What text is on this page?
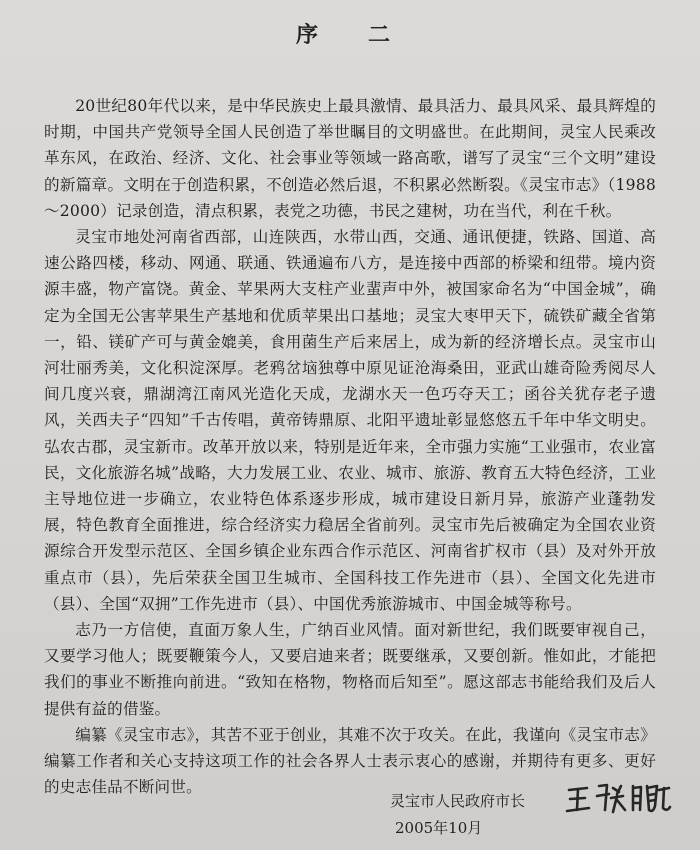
序　二

20世纪80年代以来，是中华民族史上最具激情、最具活力、最具风采、最具辉煌的时期，中国共产党领导全国人民创造了举世瞩目的文明盛世。在此期间，灵宝人民乘改革东风，在政治、经济、文化、社会事业等领域一路高歌，谱写了灵宝“三个文明”建设的新篇章。文明在于创造积累，不创造必然后退，不积累必然断裂。《灵宝市志》（1988～2000）记录创造，清点积累，表党之功德，书民之建树，功在当代，利在千秋。

灵宝市地处河南省西部，山连陕西，水带山西，交通、通讯便捷，铁路、国道、高速公路四楼，移动、网通、联通、铁通遍布八方，是连接中西部的桥梁和纽带。境内资源丰盛，物产富饶。黄金、苹果两大支柱产业蜚声中外，被国家命名为“中国金城”，确定为全国无公害苹果生产基地和优质苹果出口基地；灵宝大枣甲天下，硫铁矿藏全省第一，铅、镁矿产可与黄金媲美，食用菌生产后来居上，成为新的经济增长点。灵宝市山河壮丽秀美，文化积淀深厚。老鸦岔垴独尊中原见证沧海桑田，亚武山雄奇险秀阅尽人间几度兴衰，鼎湖湾江南风光造化天成，龙湖水天一色巧夺天工；函谷关犹存老子遗风，关西夫子“四知”千古传唱，黄帝铸鼎原、北阳平遗址彰显悠悠五千年中华文明史。弘农古郡，灵宝新市。改革开放以来，特别是近年来，全市强力实施“工业强市，农业富民，文化旅游名城”战略，大力发展工业、农业、城市、旅游、教育五大特色经济，工业主导地位进一步确立，农业特色体系逐步形成，城市建设日新月异，旅游产业蓬勃发展，特色教育全面推进，综合经济实力稳居全省前列。灵宝市先后被确定为全国农业资源综合开发型示范区、全国乡镇企业东西合作示范区、河南省扩权市（县）及对外开放重点市（县），先后荣获全国卫生城市、全国科技工作先进市（县）、全国文化先进市（县）、全国“双拥”工作先进市（县）、中国优秀旅游城市、中国金城等称号。

志乃一方信使，直面万象人生，广纳百业风情。面对新世纪，我们既要审视自己，又要学习他人；既要鞭策今人，又要启迪来者；既要继承，又要创新。惟如此，才能把我们的事业不断推向前进。“致知在格物，物格而后知至”。愿这部志书能给我们及后人提供有益的借鉴。

编纂《灵宝市志》，其苦不亚于创业，其难不次于攻关。在此，我谨向《灵宝市志》编纂工作者和关心支持这项工作的社会各界人士表示衷心的感谢，并期待有更多、更好的史志佳品不断问世。

灵宝市人民政府市长
王联鹏
2005年10月
